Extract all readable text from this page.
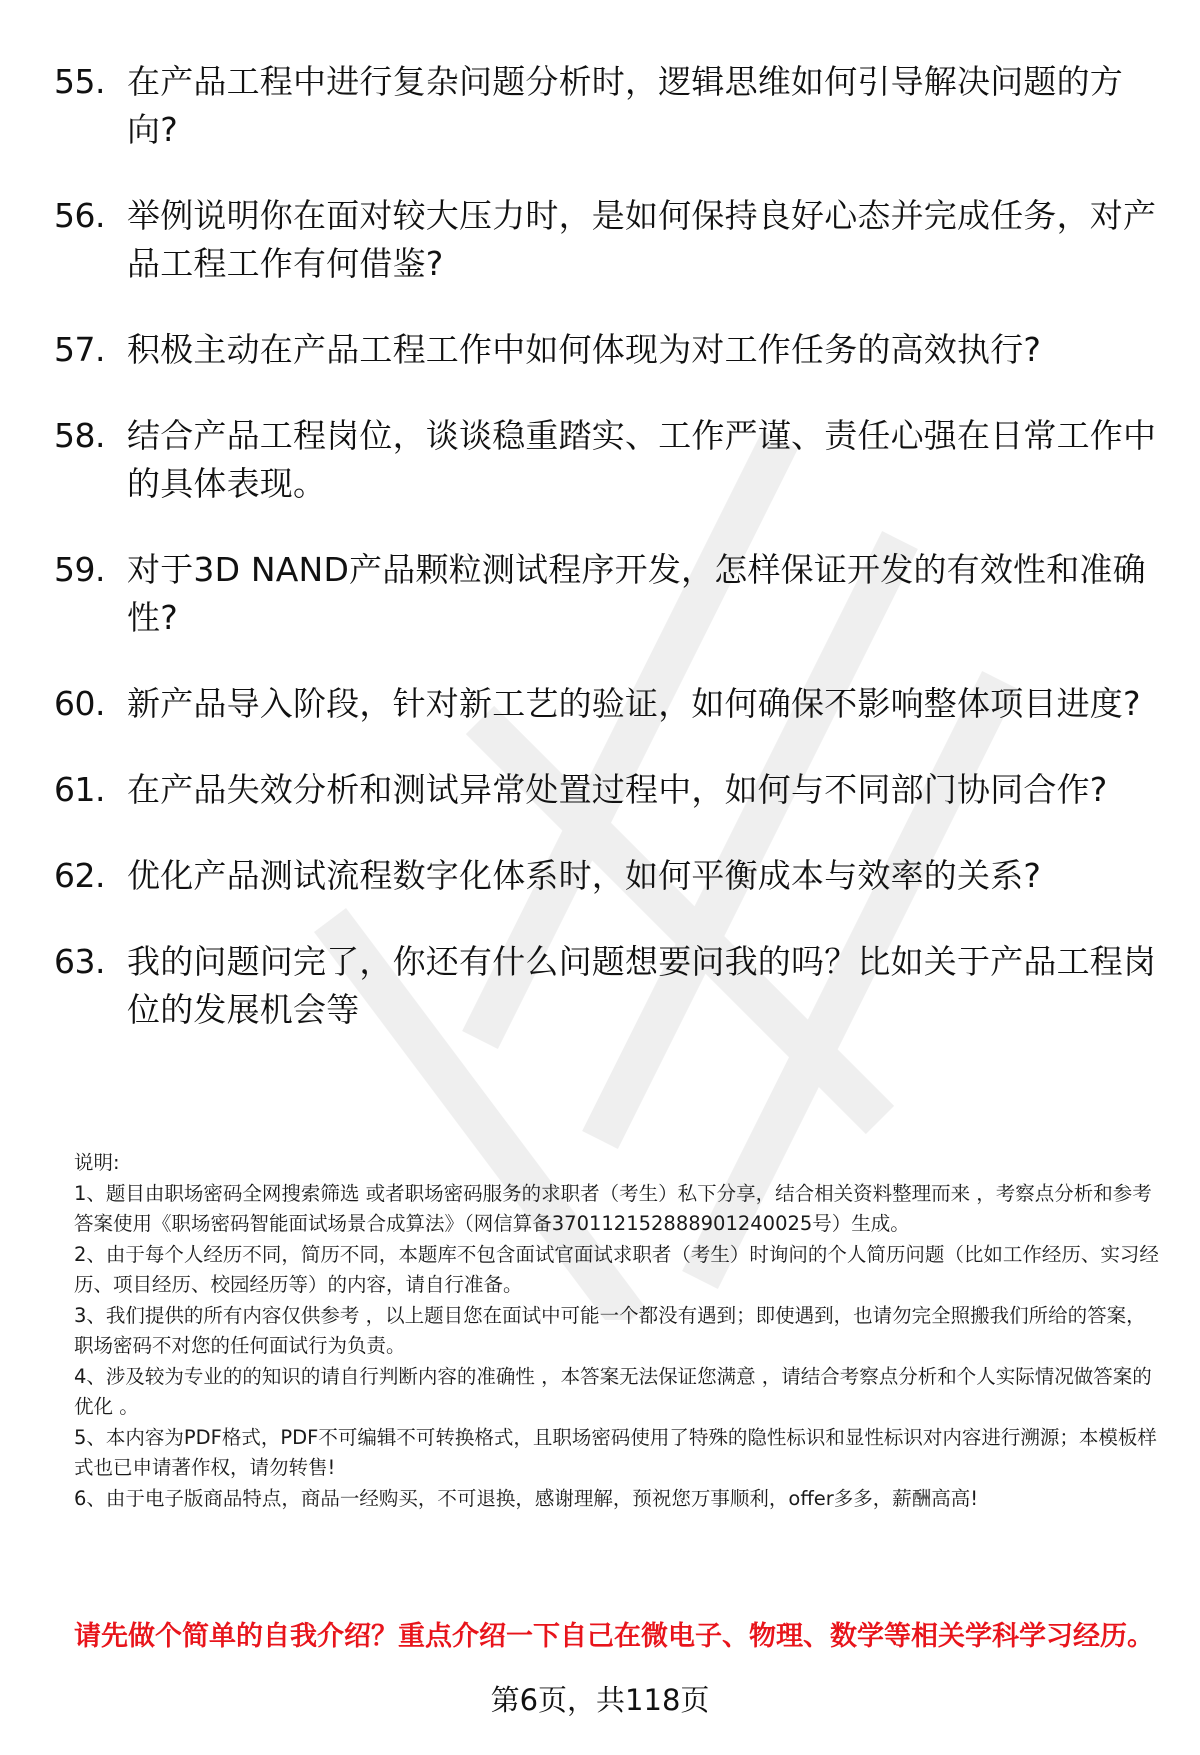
55. 在产品工程中进行复杂问题分析时，逻辑思维如何引导解决问题的方向?
56. 举例说明你在面对较大压力时，是如何保持良好心态并完成任务，对产品工程工作有何借鉴?
57. 积极主动在产品工程工作中如何体现为对工作任务的高效执行?
58. 结合产品工程岗位，谈谈稳重踏实、工作严谨、责任心强在日常工作中的具体表现。
59. 对于3D NAND产品颗粒测试程序开发，怎样保证开发的有效性和准确性?
60. 新产品导入阶段，针对新工艺的验证，如何确保不影响整体项目进度?
61. 在产品失效分析和测试异常处置过程中，如何与不同部门协同合作?
62. 优化产品测试流程数字化体系时，如何平衡成本与效率的关系?
63. 我的问题问完了，你还有什么问题想要问我的吗？比如关于产品工程岗位的发展机会等

说明:

1、题目由职场密码全网搜索筛选 或者职场密码服务的求职者（考生）私下分享，结合相关资料整理而来 ，考察点分析和参考答案使用《职场密码智能面试场景合成算法》（网信算备370112152888901240025号）生成。

2、由于每个人经历不同，简历不同，本题库不包含面试官面试求职者（考生）时询问的个人简历问题（比如工作经历、实习经历、项目经历、校园经历等）的内容，请自行准备。

3、我们提供的所有内容仅供参考 ，以上题目您在面试中可能一个都没有遇到；即使遇到，也请勿完全照搬我们所给的答案，职场密码不对您的任何面试行为负责。

4、涉及较为专业的的知识的请自行判断内容的准确性 ，本答案无法保证您满意 ，请结合考察点分析和个人实际情况做答案的优化 。

5、本内容为PDF格式，PDF不可编辑不可转换格式，且职场密码使用了特殊的隐性标识和显性标识对内容进行溯源；本模板样式也已申请著作权，请勿转售!

6、由于电子版商品特点，商品一经购买，不可退换，感谢理解，预祝您万事顺利，offer多多，薪酬高高!

请先做个简单的自我介绍？重点介绍一下自己在微电子、物理、数学等相关学科学习经历。
第6页，共118页
